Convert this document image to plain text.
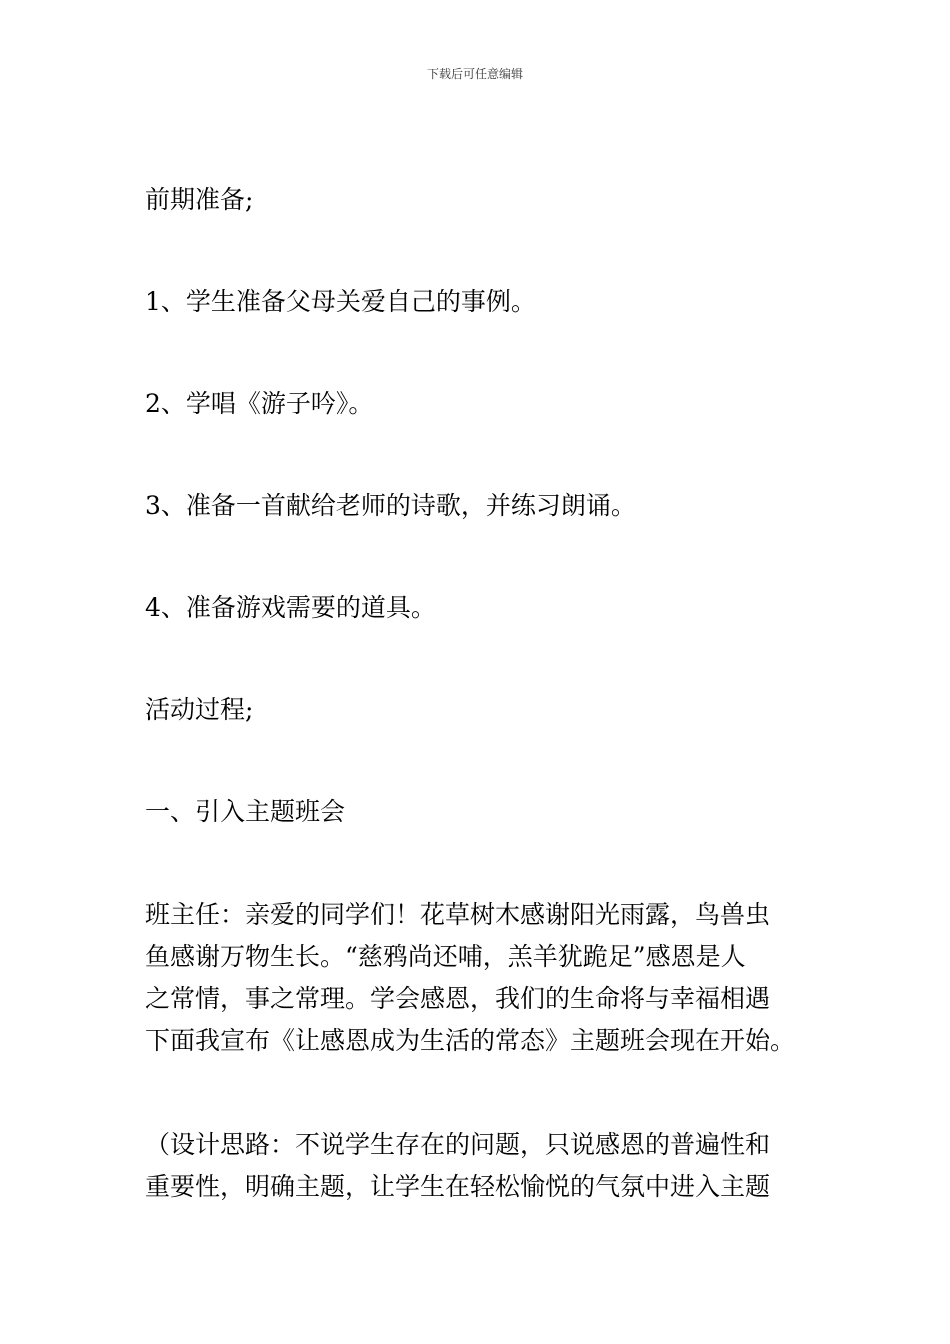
下载后可任意编辑

前期准备;

1、学生准备父母关爱自己的事例。

2、学唱《游子吟》。

3、准备一首献给老师的诗歌，并练习朗诵。

4、准备游戏需要的道具。

活动过程;

一、引入主题班会

班主任：亲爱的同学们！花草树木感谢阳光雨露，鸟兽虫

鱼感谢万物生长。“慈鸦尚还哺，羔羊犹跪足”感恩是人

之常情，事之常理。学会感恩，我们的生命将与幸福相遇

下面我宣布《让感恩成为生活的常态》主题班会现在开始。

（设计思路：不说学生存在的问题，只说感恩的普遍性和

重要性，明确主题，让学生在轻松愉悦的气氛中进入主题
